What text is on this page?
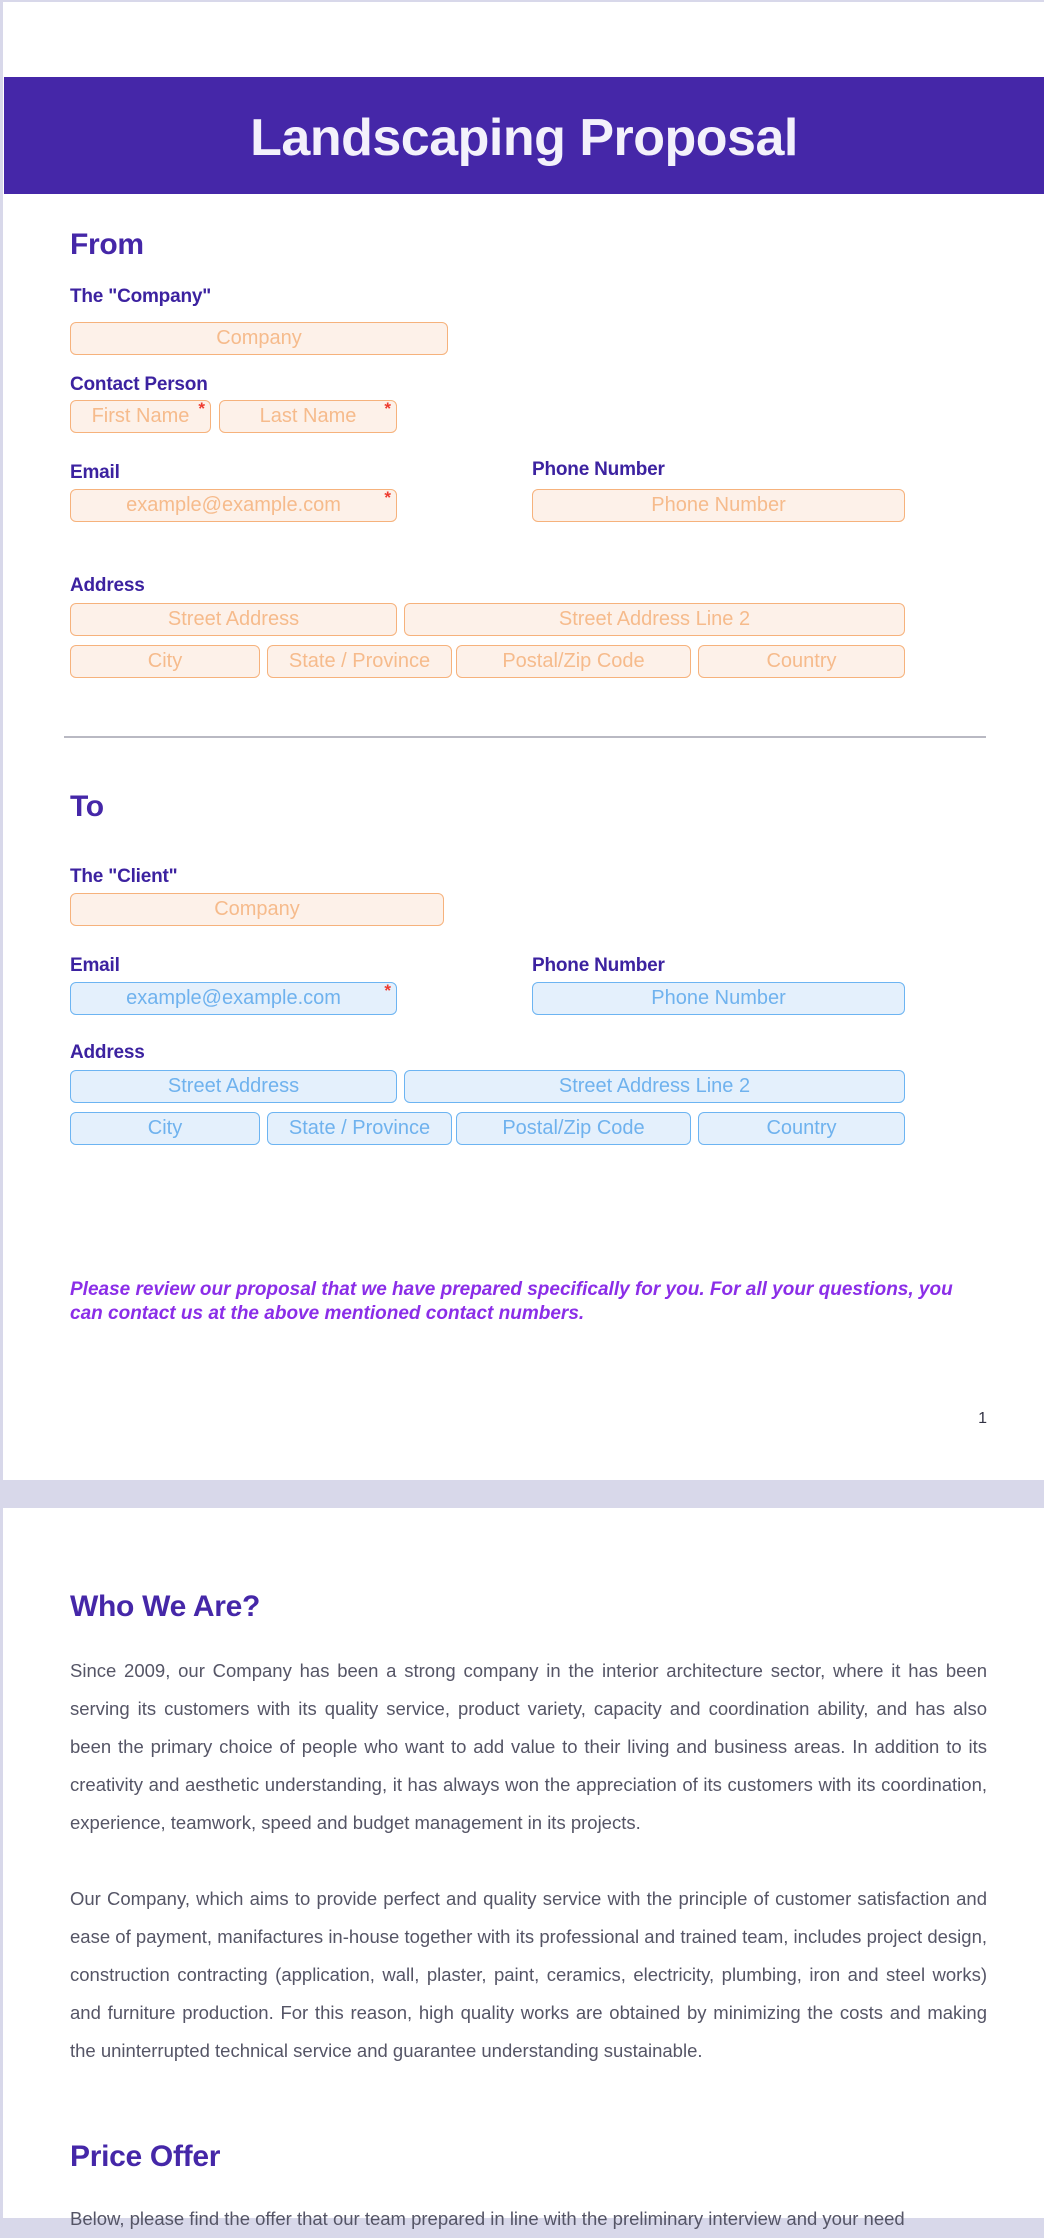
Landscaping Proposal
From
The "Company"
Company
Contact Person
First Name *	Last Name *
Email
example@example.com	*
Phone Number
Phone Number
Address
Street Address	Street Address Line 2
City	State / Province	Postal/Zip Code	Country
To
The "Client"
Company
Email
example@example.com	*
Phone Number
Phone Number
Address
Street Address	Street Address Line 2
City	State / Province	Postal/Zip Code	Country
Please review our proposal that we have prepared specifically for you. For all your questions, you can contact us at the above mentioned contact numbers.
1
Who We Are?
Since 2009, our Company has been a strong company in the interior architecture sector, where it has been serving its customers with its quality service, product variety, capacity and coordination ability, and has also been the primary choice of people who want to add value to their living and business areas. In addition to its creativity and aesthetic understanding, it has always won the appreciation of its customers with its coordination, experience, teamwork, speed and budget management in its projects.
Our Company, which aims to provide perfect and quality service with the principle of customer satisfaction and ease of payment, manifactures in-house together with its professional and trained team, includes project design, construction contracting (application, wall, plaster, paint, ceramics, electricity, plumbing, iron and steel works) and furniture production. For this reason, high quality works are obtained by minimizing the costs and making the uninterrupted technical service and guarantee understanding sustainable.
Price Offer
Below, please find the offer that our team prepared in line with the preliminary interview and your need
